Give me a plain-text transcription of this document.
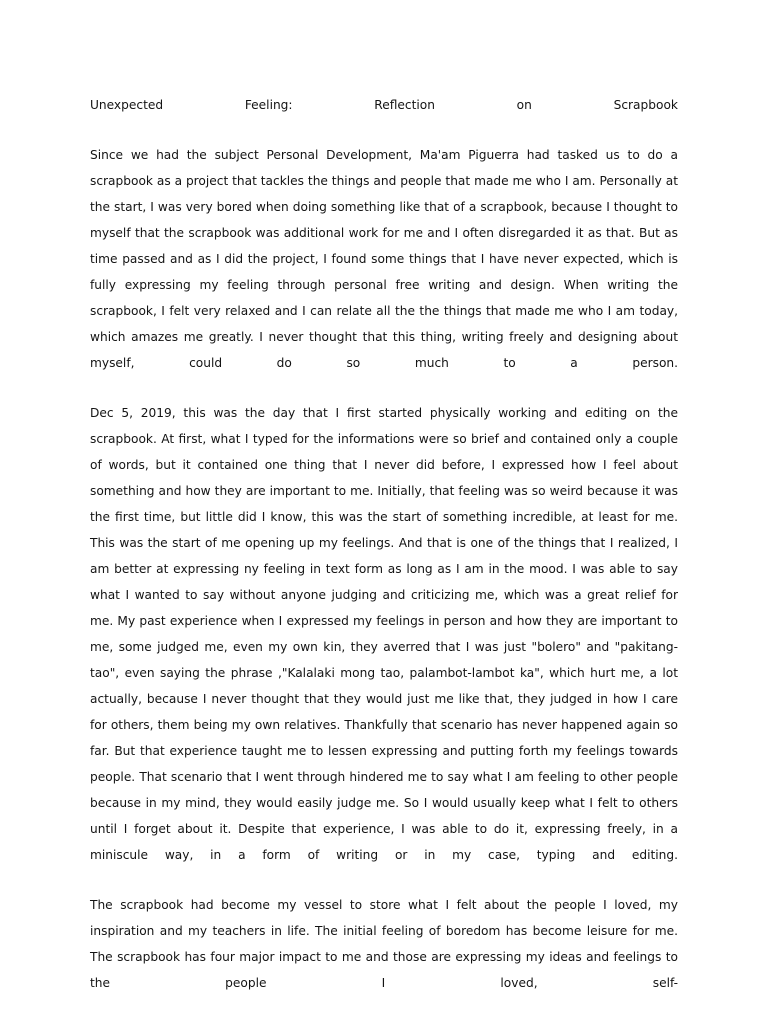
Unexpected	Feeling:	Reflection	on	Scrapbook

Since we had the subject Personal Development, Ma'am Piguerra had tasked us to do a scrapbook as a project that tackles the things and people that made me who I am. Personally at the start, I was very bored when doing something like that of a scrapbook, because I thought to myself that the scrapbook was additional work for me and I often disregarded it as that. But as time passed and as I did the project, I found some things that I have never expected, which is fully expressing my feeling through personal free writing and design. When writing the scrapbook, I felt very relaxed and I can relate all the the things that made me who I am today, which amazes me greatly. I never thought that this thing, writing freely and designing about myself, could do so much to a person.

Dec 5, 2019, this was the day that I first started physically working and editing on the scrapbook. At first, what I typed for the informations were so brief and contained only a couple of words, but it contained one thing that I never did before, I expressed how I feel about something and how they are important to me. Initially, that feeling was so weird because it was the first time, but little did I know, this was the start of something incredible, at least for me. This was the start of me opening up my feelings. And that is one of the things that I realized, I am better at expressing ny feeling in text form as long as I am in the mood. I was able to say what I wanted to say without anyone judging and criticizing me, which was a great relief for me. My past experience when I expressed my feelings in person and how they are important to me, some judged me, even my own kin, they averred that I was just "bolero" and "pakitang-tao", even saying the phrase ,"Kalalaki mong tao, palambot-lambot ka", which hurt me, a lot actually, because I never thought that they would just me like that, they judged in how I care for others, them being my own relatives. Thankfully that scenario has never happened again so far. But that experience taught me to lessen expressing and putting forth my feelings towards people. That scenario that I went through hindered me to say what I am feeling to other people because in my mind, they would easily judge me. So I would usually keep what I felt to others until I forget about it. Despite that experience, I was able to do it, expressing freely, in a miniscule way, in a form of writing or in my case, typing and editing.

The scrapbook had become my vessel to store what I felt about the people I loved, my inspiration and my teachers in life. The initial feeling of boredom has become leisure for me. The scrapbook has four major impact to me and those are expressing my ideas and feelings to the people I loved, self-
